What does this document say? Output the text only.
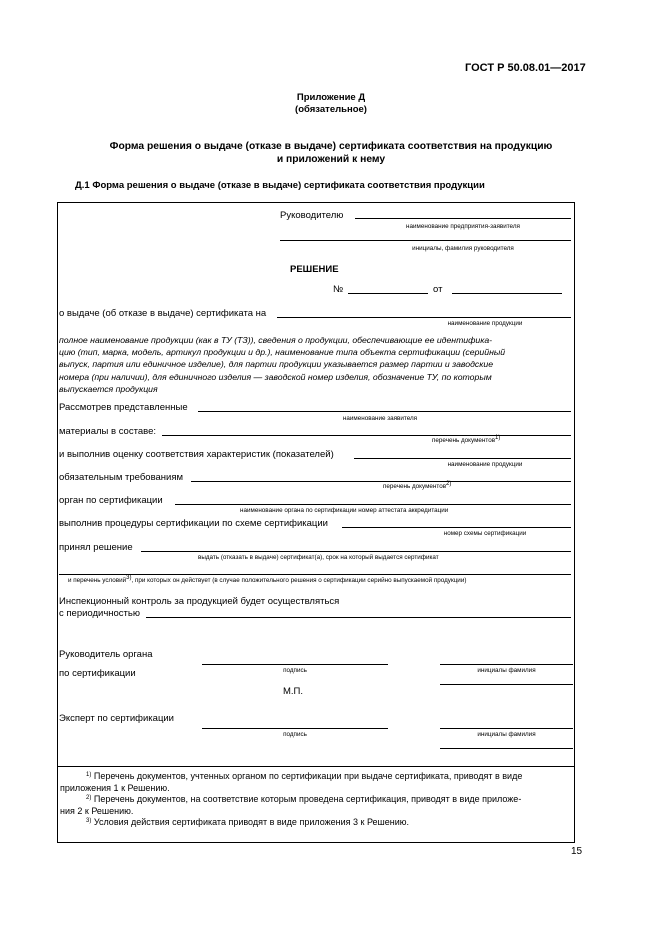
ГОСТ Р 50.08.01—2017
Приложение Д
(обязательное)
Форма решения о выдаче (отказе в выдаче) сертификата соответствия на продукцию
и приложений к нему
Д.1 Форма решения о выдаче (отказе в выдаче) сертификата соответствия продукции
Руководителю
наименование предприятия-заявителя
инициалы, фамилия руководителя
РЕШЕНИЕ
№	от
о выдаче (об отказе в выдаче) сертификата на
наименование продукции
полное наименование продукции (как в ТУ (ТЗ)), сведения о продукции, обеспечивающие ее идентифика-
цию (тип, марка, модель, артикул продукции и др.), наименование типа объекта сертификации (серийный
выпуск, партия или единичное изделие), для партии продукции указывается размер партии и заводские
номера (при наличии), для единичного изделия — заводской номер изделия, обозначение ТУ, по которым
выпускается продукция
Рассмотрев представленные
наименование заявителя
материалы в составе:
перечень документов$^{1)}$
и выполнив оценку соответствия характеристик (показателей)
наименование продукции
обязательным требованиям
перечень документов$^{2)}$
орган по сертификации
наименование органа по сертификации номер аттестата аккредитации
выполнив процедуры сертификации по схеме сертификации
номер схемы сертификации
принял решение
выдать (отказать в выдаче) сертификат(а), срок на который выдается сертификат
и перечень условий$^{3)}$, при которых он действует (в случае положительного решения о сертификации серийно выпускаемой продукции)
Инспекционный контроль за продукцией будет осуществляться
с периодичностью
Руководитель органа
по сертификации	подпись	инициалы фамилия
М.П.
Эксперт по сертификации
подпись	инициалы фамилия
$^{1)}$ Перечень документов, учтенных органом по сертификации при выдаче сертификата, приводят в виде
приложения 1 к Решению.
$^{2)}$ Перечень документов, на соответствие которым проведена сертификация, приводят в виде приложе-
ния 2 к Решению.
$^{3)}$ Условия действия сертификата приводят в виде приложения 3 к Решению.
15
